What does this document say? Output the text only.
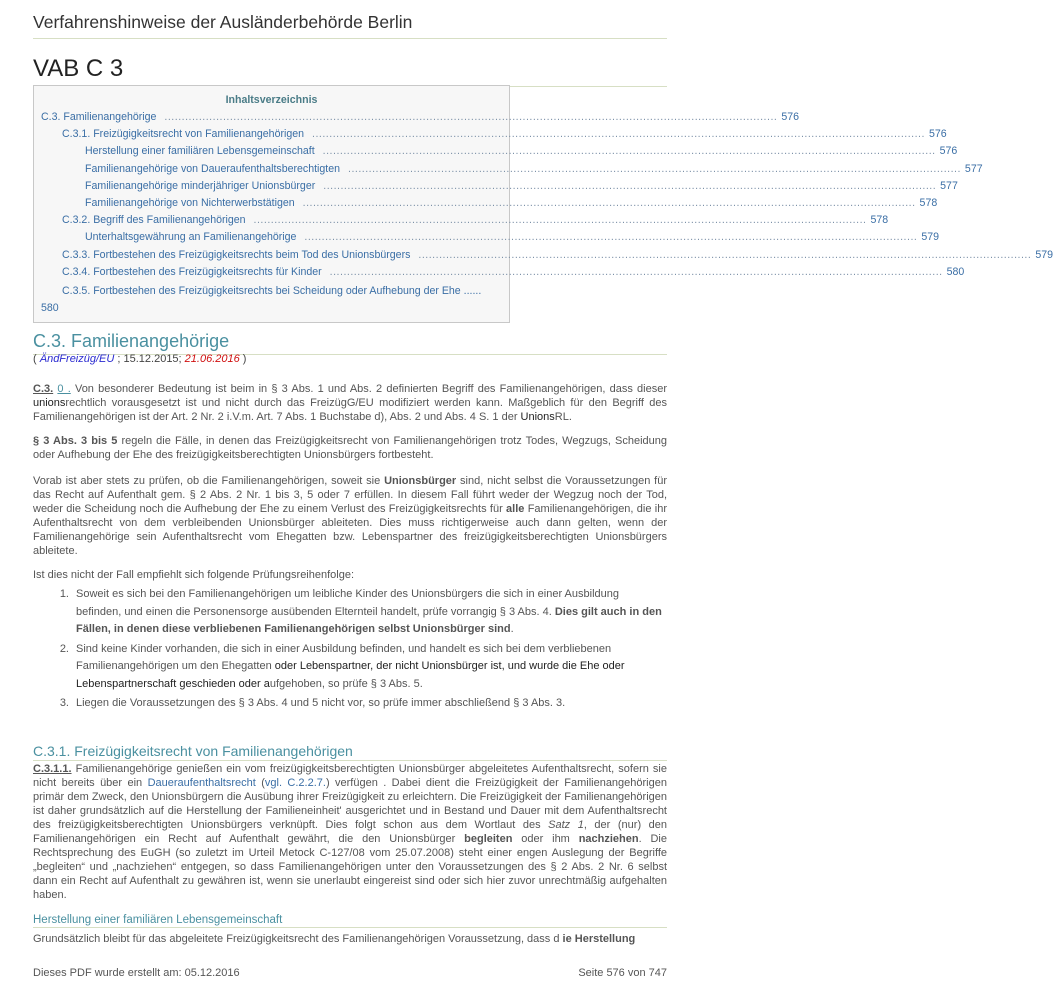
Verfahrenshinweise der Ausländerbehörde Berlin
VAB C 3
Inhaltsverzeichnis
C.3. Familienangehörige .................................................................................................................................................................................. 576
C.3.1. Freizügigkeitsrecht von Familienangehörigen .................................................................................................................................................................................. 576
Herstellung einer familiären Lebensgemeinschaft .................................................................................................................................................................................. 576
Familienangehörige von Daueraufenthaltsberechtigten .................................................................................................................................................................................. 577
Familienangehörige minderjähriger Unionsbürger .................................................................................................................................................................................. 577
Familienangehörige von Nichterwerbstätigen .................................................................................................................................................................................. 578
C.3.2. Begriff des Familienangehörigen .................................................................................................................................................................................. 578
Unterhaltsgewährung an Familienangehörige .................................................................................................................................................................................. 579
C.3.3. Fortbestehen des Freizügigkeitsrechts beim Tod des Unionsbürgers .................................................................................................................................................................................. 579
C.3.4. Fortbestehen des Freizügigkeitsrechts für Kinder .................................................................................................................................................................................. 580
C.3.5. Fortbestehen des Freizügigkeitsrechts bei Scheidung oder Aufhebung der Ehe ......
580
C.3. Familienangehörige
( ÄndFreizüg/EU ; 15.12.2015; 21.06.2016 )

C.3. 0 . Von besonderer Bedeutung ist beim in § 3 Abs. 1 und Abs. 2 definierten Begriff des Familienangehörigen, dass dieser unionsrechtlich vorausgesetzt ist und nicht durch das FreizügG/EU modifiziert werden kann. Maßgeblich für den Begriff des Familienangehörigen ist der Art. 2 Nr. 2 i.V.m. Art. 7 Abs. 1 Buchstabe d), Abs. 2 und Abs. 4 S. 1 der UnionsRL.

§ 3 Abs. 3 bis 5 regeln die Fälle, in denen das Freizügigkeitsrecht von Familienangehörigen trotz Todes, Wegzugs, Scheidung oder Aufhebung der Ehe des freizügigkeitsberechtigten Unionsbürgers fortbesteht.

Vorab ist aber stets zu prüfen, ob die Familienangehörigen, soweit sie Unionsbürger sind, nicht selbst die Voraussetzungen für das Recht auf Aufenthalt gem. § 2 Abs. 2 Nr. 1 bis 3, 5 oder 7 erfüllen. In diesem Fall führt weder der Wegzug noch der Tod, weder die Scheidung noch die Aufhebung der Ehe zu einem Verlust des Freizügigkeitsrechts für alle Familienangehörigen, die ihr Aufenthaltsrecht von dem verbleibenden Unionsbürger ableiteten. Dies muss richtigerweise auch dann gelten, wenn der Familienangehörige sein Aufenthaltsrecht vom Ehegatten bzw. Lebenspartner des freizügigkeitsberechtigten Unionsbürgers ableitete.

Ist dies nicht der Fall empfiehlt sich folgende Prüfungsreihenfolge:

1. Soweit es sich bei den Familienangehörigen um leibliche Kinder des Unionsbürgers die sich in einer Ausbildung befinden, und einen die Personensorge ausübenden Elternteil handelt, prüfe vorrangig § 3 Abs. 4. Dies gilt auch in den Fällen, in denen diese verbliebenen Familienangehörigen selbst Unionsbürger sind.
2. Sind keine Kinder vorhanden, die sich in einer Ausbildung befinden, und handelt es sich bei dem verbliebenen Familienangehörigen um den Ehegatten oder Lebenspartner, der nicht Unionsbürger ist, und wurde die Ehe oder Lebenspartnerschaft geschieden oder aufgehoben, so prüfe § 3 Abs. 5.
3. Liegen die Voraussetzungen des § 3 Abs. 4 und 5 nicht vor, so prüfe immer abschließend § 3 Abs. 3.
C.3.1. Freizügigkeitsrecht von Familienangehörigen

C.3.1.1. Familienangehörige genießen ein vom freizügigkeitsberechtigten Unionsbürger abgeleitetes Aufenthaltsrecht, sofern sie nicht bereits über ein Daueraufenthaltsrecht (vgl. C.2.2.7.) verfügen . Dabei dient die Freizügigkeit der Familienangehörigen primär dem Zweck, den Unionsbürgern die Ausübung ihrer Freizügigkeit zu erleichtern. Die Freizügigkeit der Familienangehörigen ist daher grundsätzlich auf die Herstellung der Familieneinheit' ausgerichtet und in Bestand und Dauer mit dem Aufenthaltsrecht des freizügigkeitsberechtigten Unionsbürgers verknüpft. Dies folgt schon aus dem Wortlaut des Satz 1, der (nur) den Familienangehörigen ein Recht auf Aufenthalt gewährt, die den Unionsbürger begleiten oder ihm nachziehen. Die Rechtsprechung des EuGH (so zuletzt im Urteil Metock C-127/08 vom 25.07.2008) steht einer engen Auslegung der Begriffe „begleiten“ und „nachziehen“ entgegen, so dass Familienangehörigen unter den Voraussetzungen des § 2 Abs. 2 Nr. 6 selbst dann ein Recht auf Aufenthalt zu gewähren ist, wenn sie unerlaubt eingereist sind oder sich hier zuvor unrechtmäßig aufgehalten haben.

Herstellung einer familiären Lebensgemeinschaft

Grundsätzlich bleibt für das abgeleitete Freizügigkeitsrecht des Familienangehörigen Voraussetzung, dass d ie Herstellung

Dieses PDF wurde erstellt am: 05.12.2016	Seite 576 von 747
